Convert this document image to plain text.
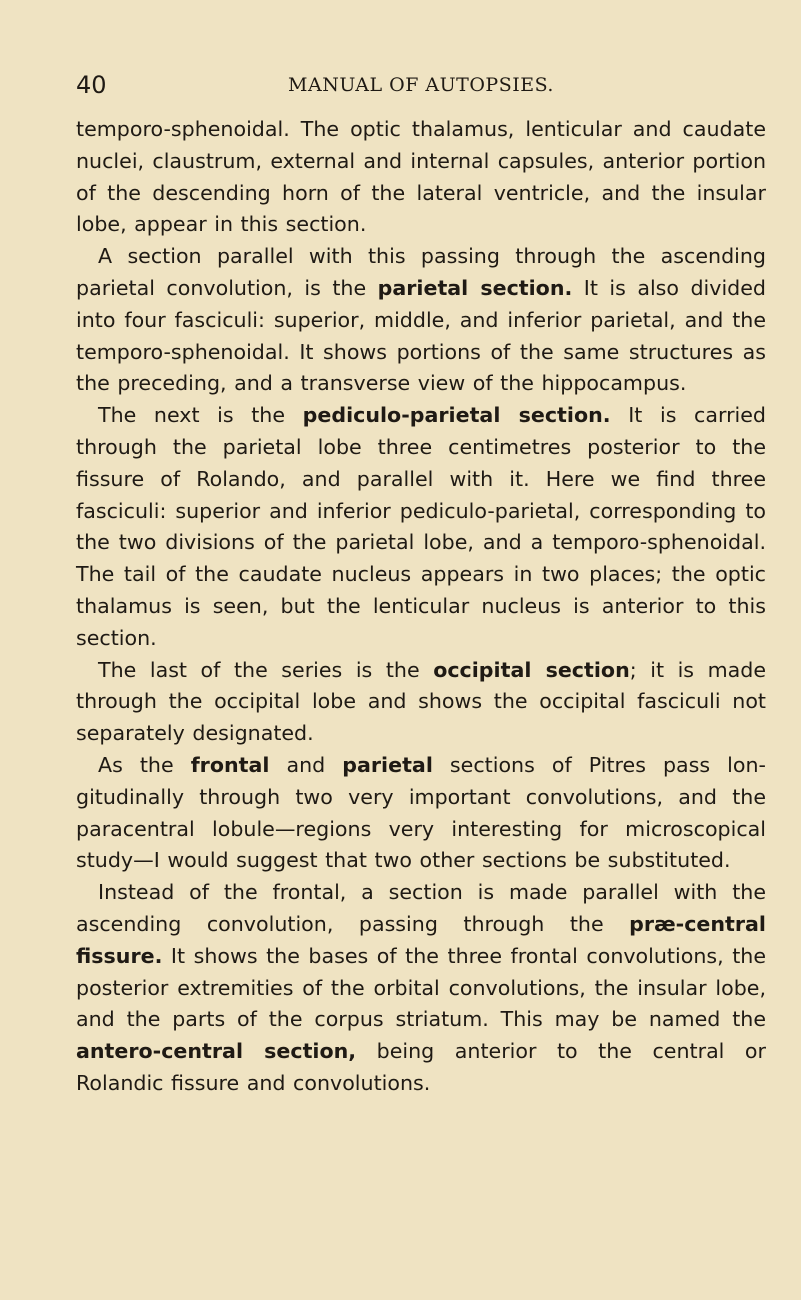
40	MANUAL OF AUTOPSIES.

temporo-sphenoidal. The optic thalamus, lenticular and caudate nuclei, claustrum, external and internal capsules, anterior portion of the descending horn of the lateral ventricle, and the insular lobe, appear in this section.

A section parallel with this passing through the ascending parietal convolution, is the parietal section. It is also divided into four fasciculi: superior, middle, and inferior parietal, and the temporo-sphenoidal. It shows portions of the same structures as the preceding, and a transverse view of the hippocampus.

The next is the pediculo-parietal section. It is carried through the parietal lobe three centimetres posterior to the fissure of Rolando, and parallel with it. Here we find three fasciculi: superior and inferior pediculo-parietal, corresponding to the two divisions of the parietal lobe, and a temporo-sphenoidal. The tail of the caudate nucleus appears in two places; the optic thalamus is seen, but the lenticular nucleus is anterior to this section.

The last of the series is the occipital section; it is made through the occipital lobe and shows the occipital fasciculi not separately designated.

As the frontal and parietal sections of Pitres pass longitudinally through two very important convolutions, and the paracentral lobule—regions very interesting for microscopical study—I would suggest that two other sections be substituted.

Instead of the frontal, a section is made parallel with the ascending convolution, passing through the præ-central fissure. It shows the bases of the three frontal convolutions, the posterior extremities of the orbital convolutions, the insular lobe, and the parts of the corpus striatum. This may be named the antero-central section, being anterior to the central or Rolandic fissure and convolutions.
